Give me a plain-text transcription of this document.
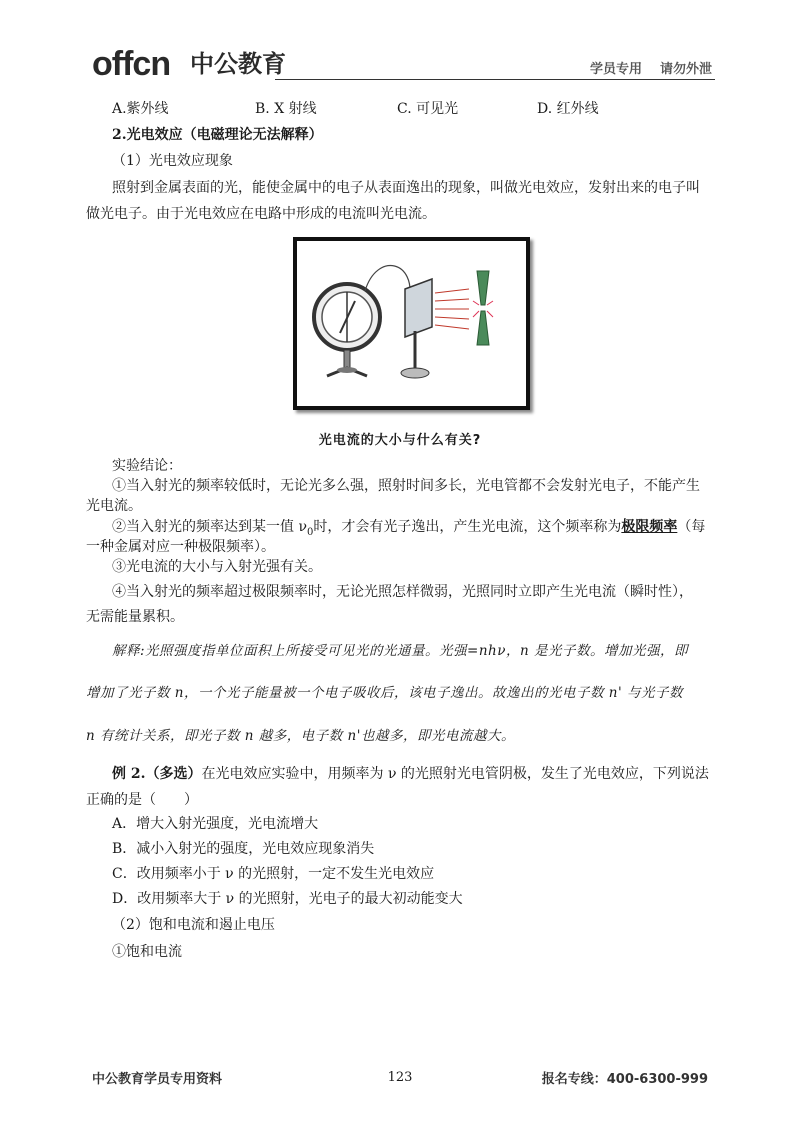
offcn 中公教育	学员专用 请勿外泄
A.紫外线	B. X 射线	C. 可见光	D. 红外线
2.光电效应（电磁理论无法解释）
（1）光电效应现象
照射到金属表面的光，能使金属中的电子从表面逸出的现象，叫做光电效应，发射出来的电子叫
做光电子。由于光电效应在电路中形成的电流叫光电流。
光电流的大小与什么有关?
实验结论：
①当入射光的频率较低时，无论光多么强，照射时间多长，光电管都不会发射光电子，不能产生
光电流。
②当入射光的频率达到某一值 $\nu_0$时，才会有光子逸出，产生光电流，这个频率称为极限频率（每
一种金属对应一种极限频率）。
③光电流的大小与入射光强有关。
④当入射光的频率超过极限频率时，无论光照怎样微弱，光照同时立即产生光电流（瞬时性），
无需能量累积。
解释:光照强度指单位面积上所接受可见光的光通量。光强=nhν，n 是光子数。增加光强，即
增加了光子数 n，一个光子能量被一个电子吸收后，该电子逸出。故逸出的光电子数 n' 与光子数
n 有统计关系，即光子数 n 越多，电子数 n'也越多，即光电流越大。
例 2.（多选）在光电效应实验中，用频率为 ν 的光照射光电管阴极，发生了光电效应，下列说法
正确的是（　　）
A．增大入射光强度，光电流增大
B．减小入射光的强度，光电效应现象消失
C．改用频率小于 ν 的光照射，一定不发生光电效应
D．改用频率大于 ν 的光照射，光电子的最大初动能变大
（2）饱和电流和遏止电压
①饱和电流
中公教育学员专用资料	123	报名专线：400-6300-999
